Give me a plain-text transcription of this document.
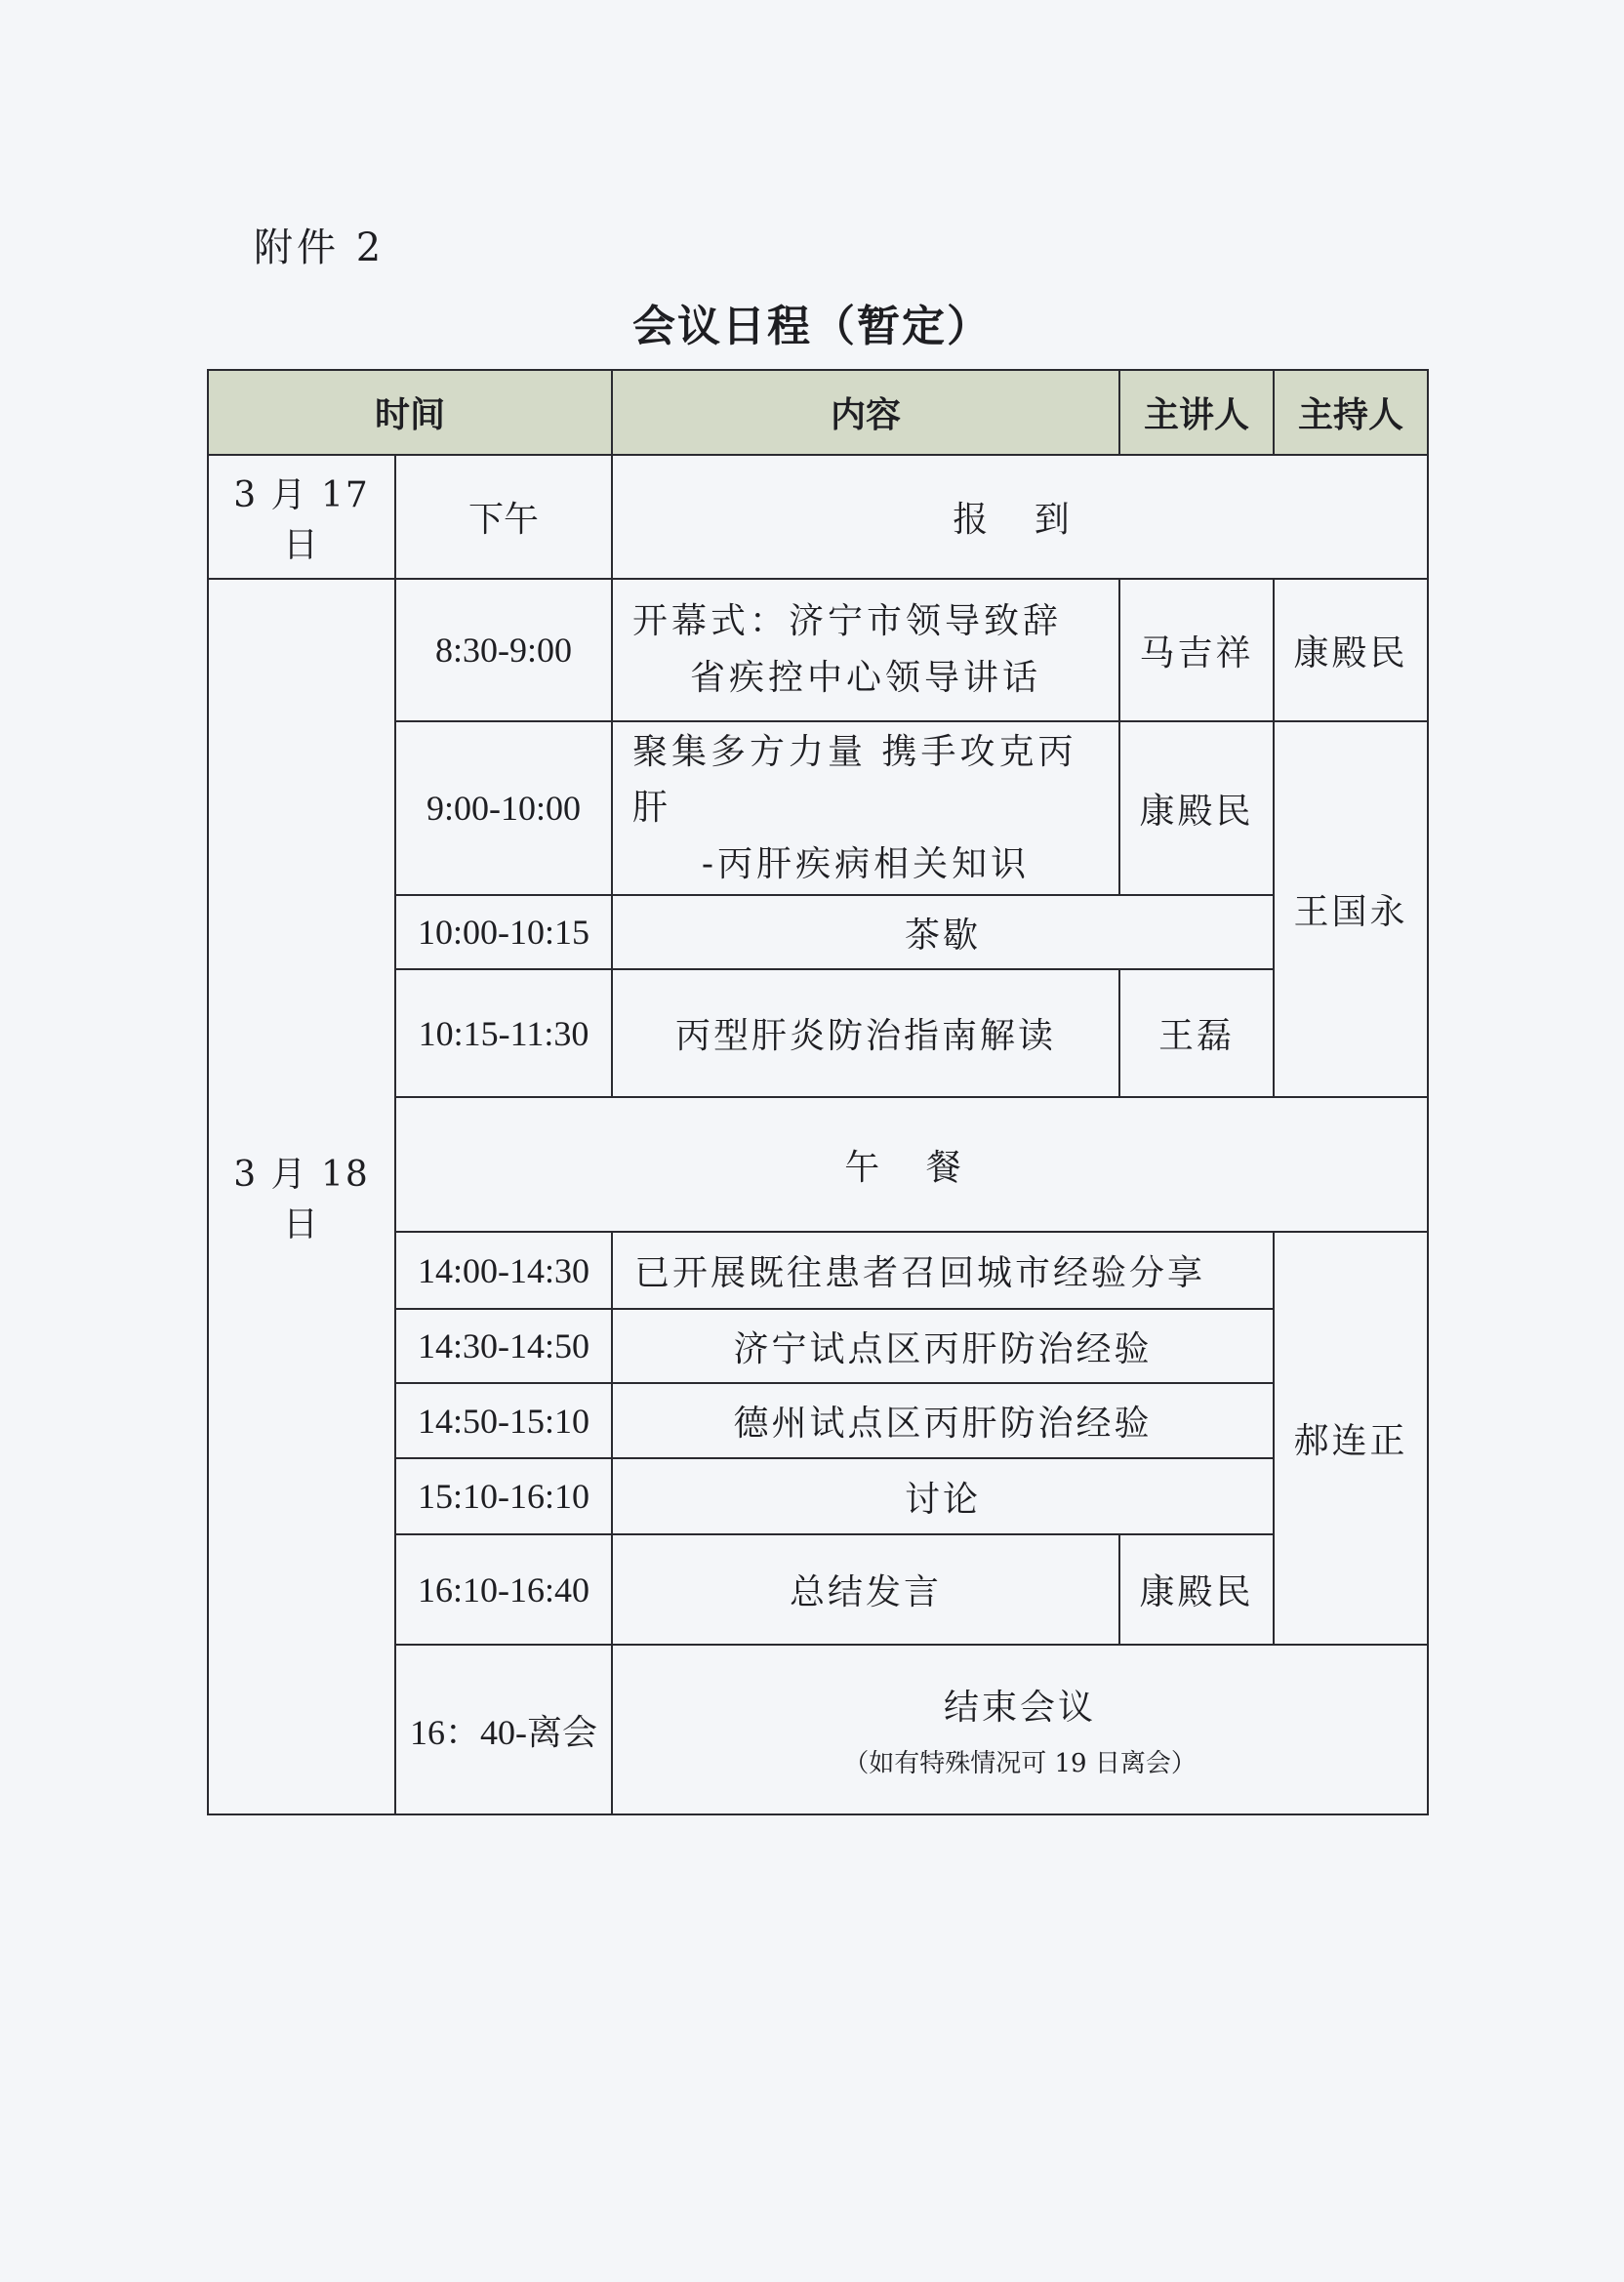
附件 2
会议日程（暂定）
时间		内容	主讲人	主持人
3 月 17 日	下午	报 到		
3 月 18 日	8:30-9:00	开幕式：济宁市领导致辞
省疾控中心领导讲话	马吉祥	康殿民
	9:00-10:00	聚集多方力量 携手攻克丙肝
-丙肝疾病相关知识	康殿民	王国永
	10:00-10:15	茶歇		
	10:15-11:30	丙型肝炎防治指南解读	王磊	
	午 餐			
	14:00-14:30	已开展既往患者召回城市经验分享		郝连正
	14:30-14:50	济宁试点区丙肝防治经验		
	14:50-15:10	德州试点区丙肝防治经验		
	15:10-16:10	讨论		
	16:10-16:40	总结发言	康殿民	
	16：40-离会	结束会议
（如有特殊情况可 19 日离会）		
